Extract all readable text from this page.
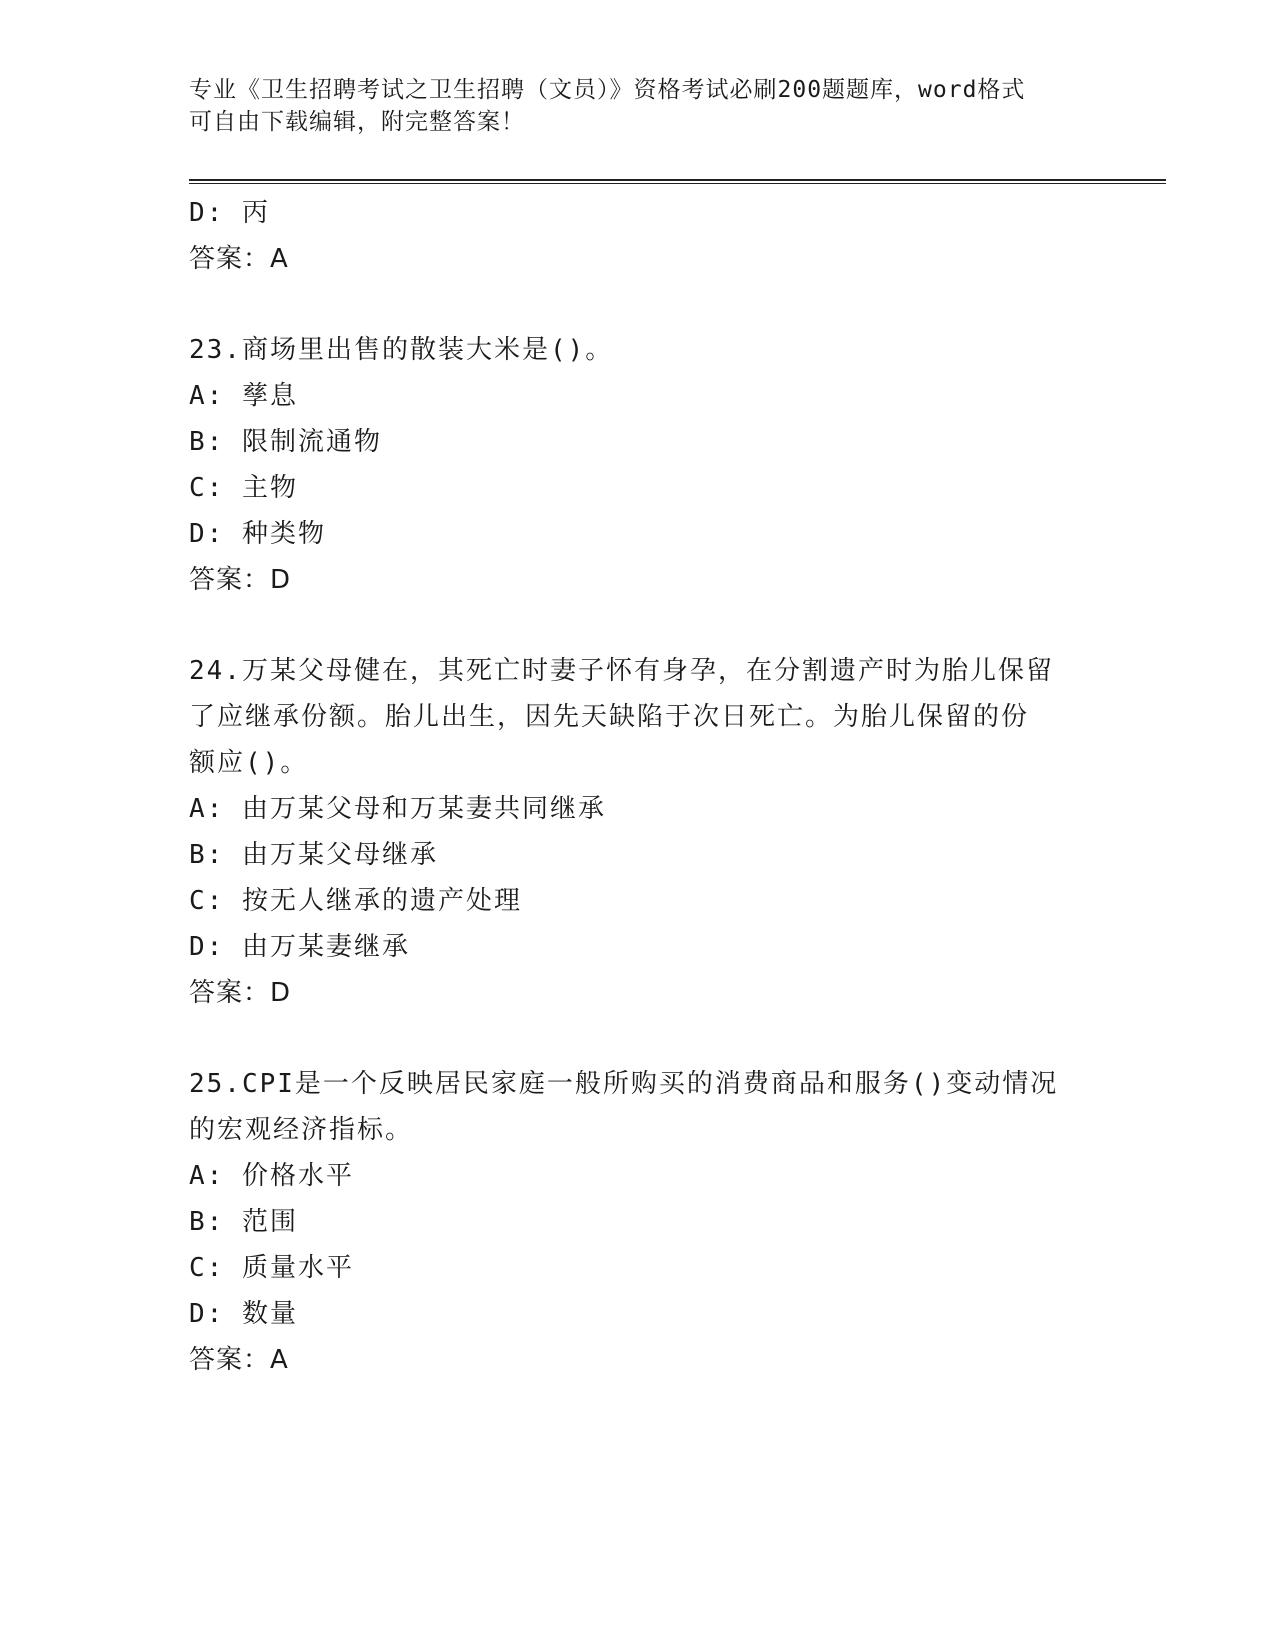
专业《卫生招聘考试之卫生招聘（文员）》资格考试必刷200题题库，word格式
可自由下载编辑，附完整答案！
D: 丙
答案：A
23.商场里出售的散装大米是()。
A: 孳息
B: 限制流通物
C: 主物
D: 种类物
答案：D
24.万某父母健在，其死亡时妻子怀有身孕，在分割遗产时为胎儿保留
了应继承份额。胎儿出生，因先天缺陷于次日死亡。为胎儿保留的份
额应()。
A: 由万某父母和万某妻共同继承
B: 由万某父母继承
C: 按无人继承的遗产处理
D: 由万某妻继承
答案：D
25.CPI是一个反映居民家庭一般所购买的消费商品和服务()变动情况
的宏观经济指标。
A: 价格水平
B: 范围
C: 质量水平
D: 数量
答案：A
